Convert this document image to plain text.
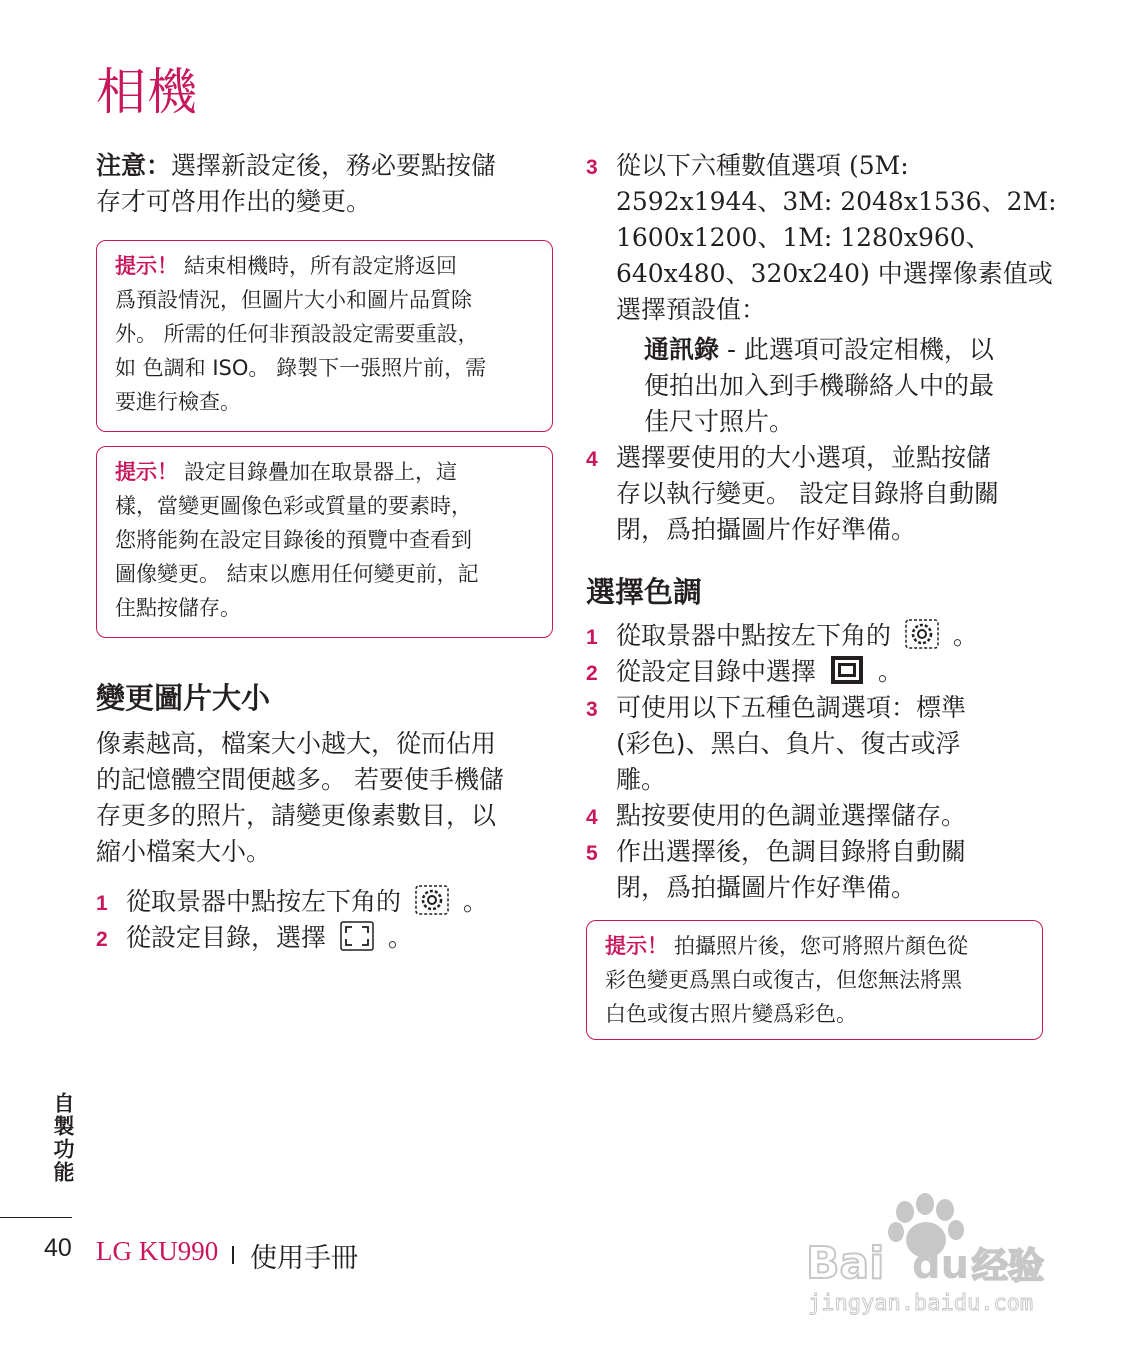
相機
注意：選擇新設定後，務必要點按儲
存才可啓用作出的變更。
提示！ 結束相機時，所有設定將返回
爲預設情況，但圖片大小和圖片品質除
外。 所需的任何非預設設定需要重設，
如 色調和 ISO。 錄製下一張照片前，需
要進行檢查。
提示！ 設定目錄疊加在取景器上，這
樣，當變更圖像色彩或質量的要素時，
您將能夠在設定目錄後的預覽中查看到
圖像變更。 結束以應用任何變更前，記
住點按儲存。
變更圖片大小
像素越高，檔案大小越大，從而佔用
的記憶體空間便越多。 若要使手機儲
存更多的照片，請變更像素數目，以
縮小檔案大小。
1 從取景器中點按左下角的 。
2 從設定目錄，選擇 。
3 從以下六種數值選項 (5M:
2592x1944、3M: 2048x1536、2M:
1600x1200、1M: 1280x960、
640x480、320x240) 中選擇像素值或
選擇預設值：
通訊錄 - 此選項可設定相機，以
便拍出加入到手機聯絡人中的最
佳尺寸照片。
4 選擇要使用的大小選項，並點按儲
存以執行變更。 設定目錄將自動關
閉，爲拍攝圖片作好準備。
選擇色調
1 從取景器中點按左下角的 。
2 從設定目錄中選擇 。
3 可使用以下五種色調選項：標準
(彩色)、黑白、負片、復古或浮
雕。
4 點按要使用的色調並選擇儲存。
5 作出選擇後，色調目錄將自動關
閉，爲拍攝圖片作好準備。
提示！ 拍攝照片後，您可將照片顏色從
彩色變更爲黑白或復古，但您無法將黑
白色或復古照片變爲彩色。
自製功能
40 LG KU990 使用手冊	Bai du 经验
jingyan.baidu.com
